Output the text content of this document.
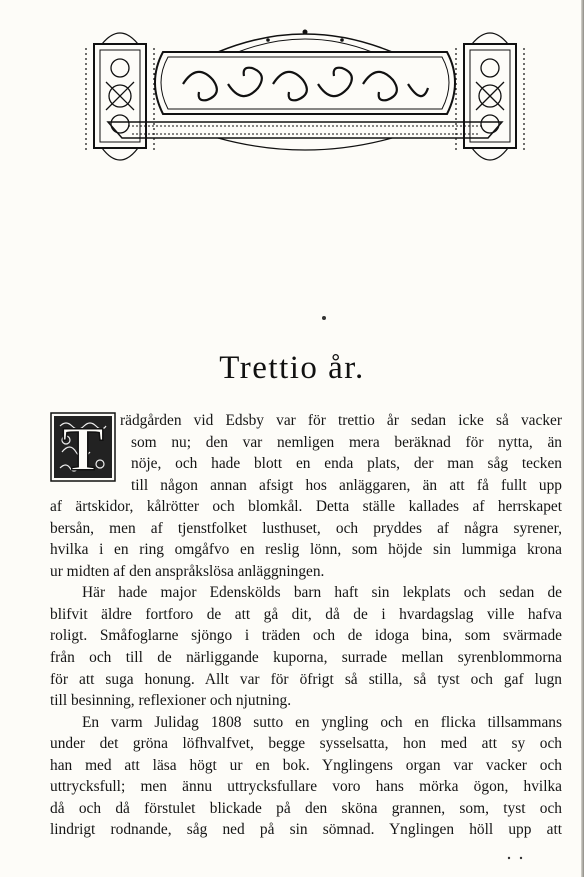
Trettio år.
T	rädgården vid Edsby var för trettio år sedan icke så vacker
som nu; den var nemligen mera beräknad för nytta, än
nöje, och hade blott en enda plats, der man såg tecken
till någon annan afsigt hos anläggaren, än att få fullt upp
af ärtskidor, kålrötter och blomkål. Detta ställe kallades af herrskapet
bersån, men af tjenstfolket lusthuset, och pryddes af några syrener,
hvilka i en ring omgåfvo en reslig lönn, som höjde sin lummiga krona
ur midten af den anspråkslösa anläggningen.
Här hade major Edenskölds barn haft sin lekplats och sedan de
blifvit äldre fortforo de att gå dit, då de i hvardagslag ville hafva
roligt. Småfoglarne sjöngo i träden och de idoga bina, som svärmade
från och till de närliggande kuporna, surrade mellan syrenblommorna
för att suga honung. Allt var för öfrigt så stilla, så tyst och gaf lugn
till besinning, reflexioner och njutning.
En varm Julidag 1808 sutto en yngling och en flicka tillsammans
under det gröna löfhvalfvet, begge sysselsatta, hon med att sy och
han med att läsa högt ur en bok. Ynglingens organ var vacker och
uttrycksfull; men ännu uttrycksfullare voro hans mörka ögon, hvilka
då och då förstulet blickade på den sköna grannen, som, tyst och
lindrigt rodnande, såg ned på sin sömnad. Ynglingen höll upp att
